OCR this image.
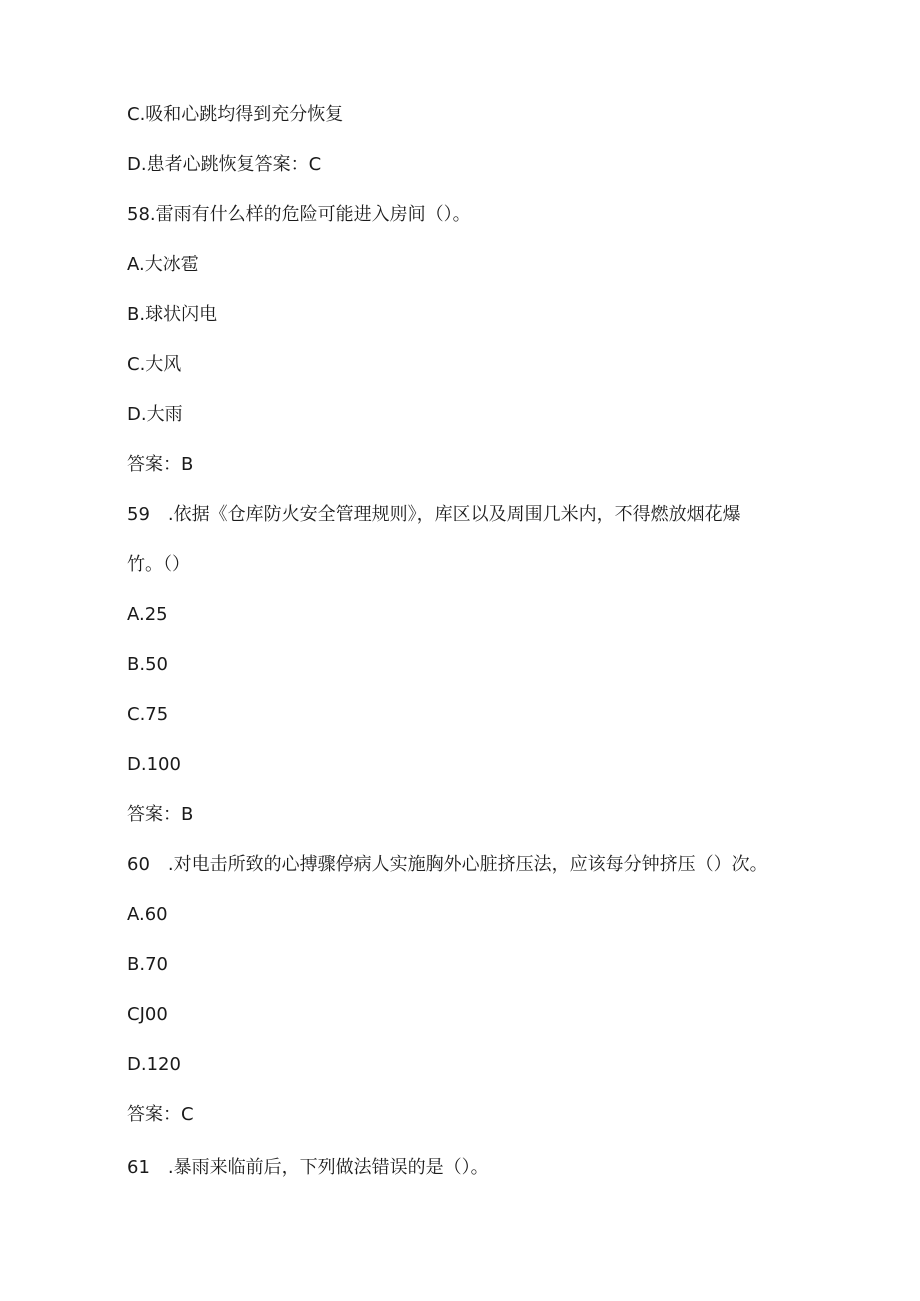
C.吸和心跳均得到充分恢复
D.患者心跳恢复答案：C
58.雷雨有什么样的危险可能进入房间（）。
A.大冰雹
B.球状闪电
C.大风
D.大雨
答案：B
59　.依据《仓库防火安全管理规则》，库区以及周围几米内，不得燃放烟花爆
竹。（）
A.25
B.50
C.75
D.100
答案：B
60　.对电击所致的心搏骤停病人实施胸外心脏挤压法，应该每分钟挤压（）次。
A.60
B.70
CJ00
D.120
答案：C
61　.暴雨来临前后，下列做法错误的是（）。
